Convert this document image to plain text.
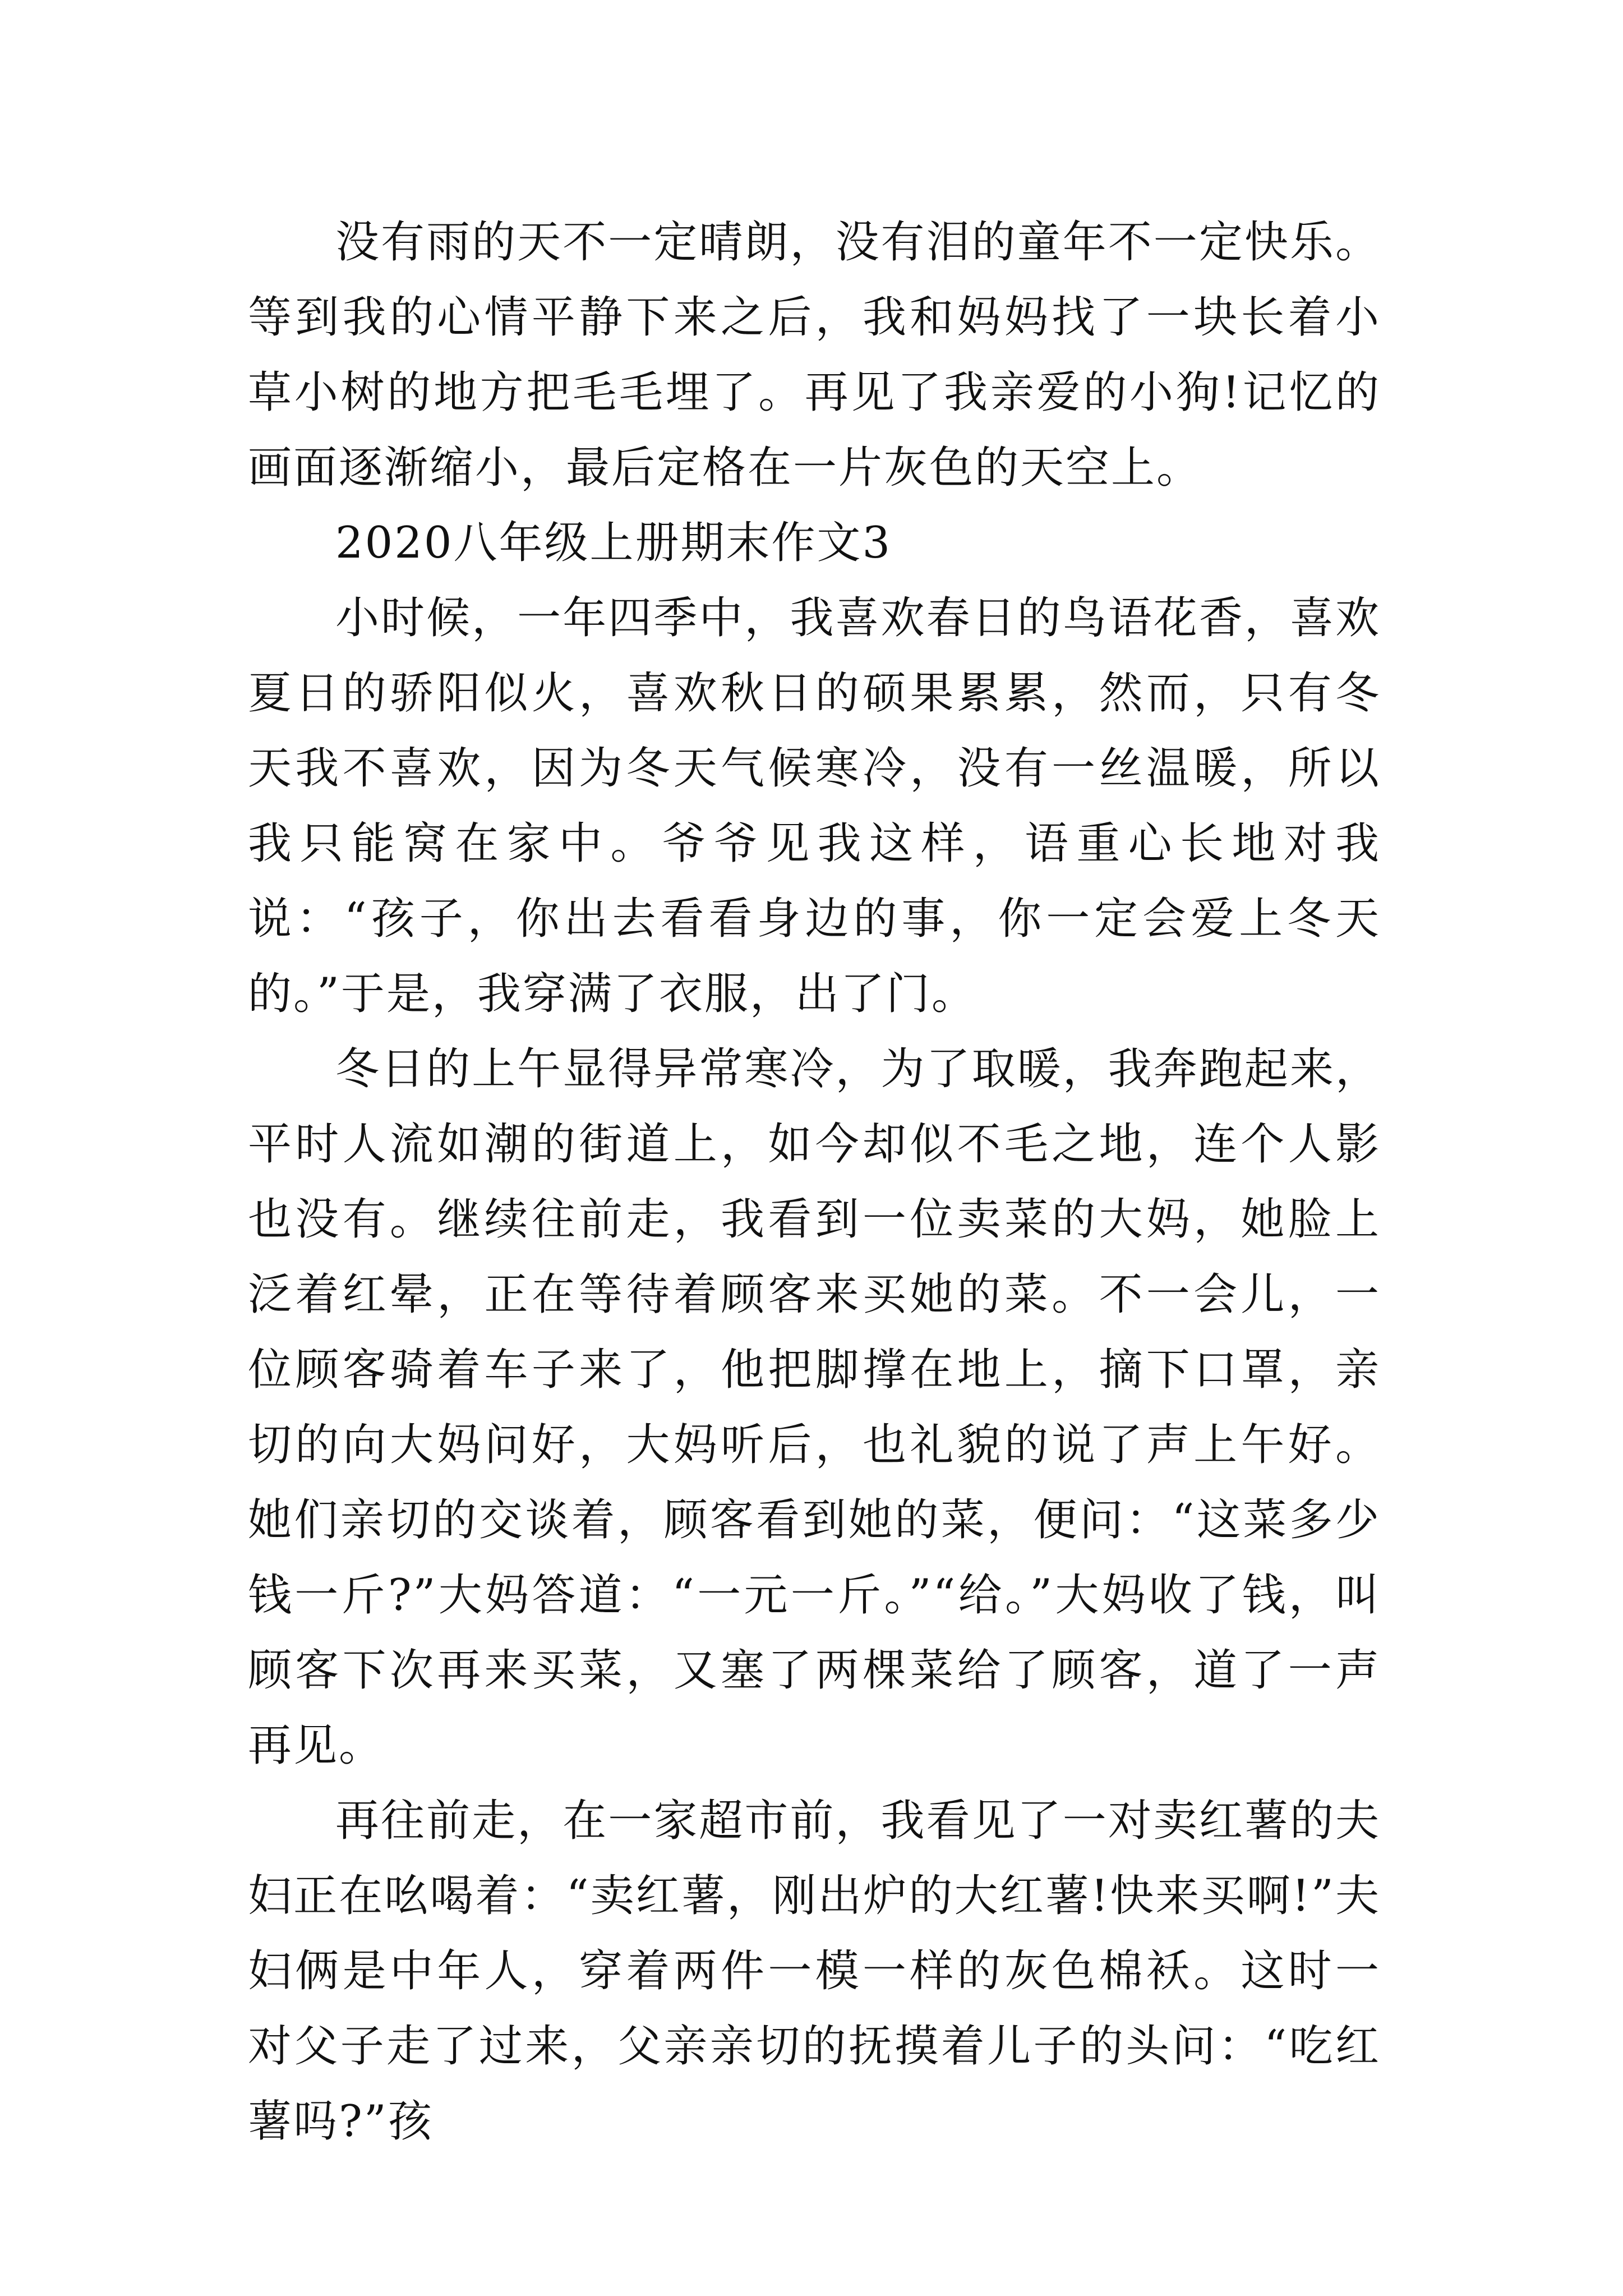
没有雨的天不一定晴朗，没有泪的童年不一定快乐。等到我的心情平静下来之后，我和妈妈找了一块长着小草小树的地方把毛毛埋了。再见了我亲爱的小狗!记忆的画面逐渐缩小，最后定格在一片灰色的天空上。

2020八年级上册期末作文3

小时候，一年四季中，我喜欢春日的鸟语花香，喜欢夏日的骄阳似火，喜欢秋日的硕果累累，然而，只有冬天我不喜欢，因为冬天气候寒冷，没有一丝温暖，所以我只能窝在家中。爷爷见我这样，语重心长地对我说：“孩子，你出去看看身边的事，你一定会爱上冬天的。”于是，我穿满了衣服，出了门。

冬日的上午显得异常寒冷，为了取暖，我奔跑起来，平时人流如潮的街道上，如今却似不毛之地，连个人影也没有。继续往前走，我看到一位卖菜的大妈，她脸上泛着红晕，正在等待着顾客来买她的菜。不一会儿，一位顾客骑着车子来了，他把脚撑在地上，摘下口罩，亲切的向大妈问好，大妈听后，也礼貌的说了声上午好。她们亲切的交谈着，顾客看到她的菜，便问：“这菜多少钱一斤?”大妈答道：“一元一斤。”“给。”大妈收了钱，叫顾客下次再来买菜，又塞了两棵菜给了顾客，道了一声再见。

再往前走，在一家超市前，我看见了一对卖红薯的夫妇正在吆喝着：“卖红薯，刚出炉的大红薯!快来买啊!”夫妇俩是中年人，穿着两件一模一样的灰色棉袄。这时一对父子走了过来，父亲亲切的抚摸着儿子的头问：“吃红薯吗?”孩
